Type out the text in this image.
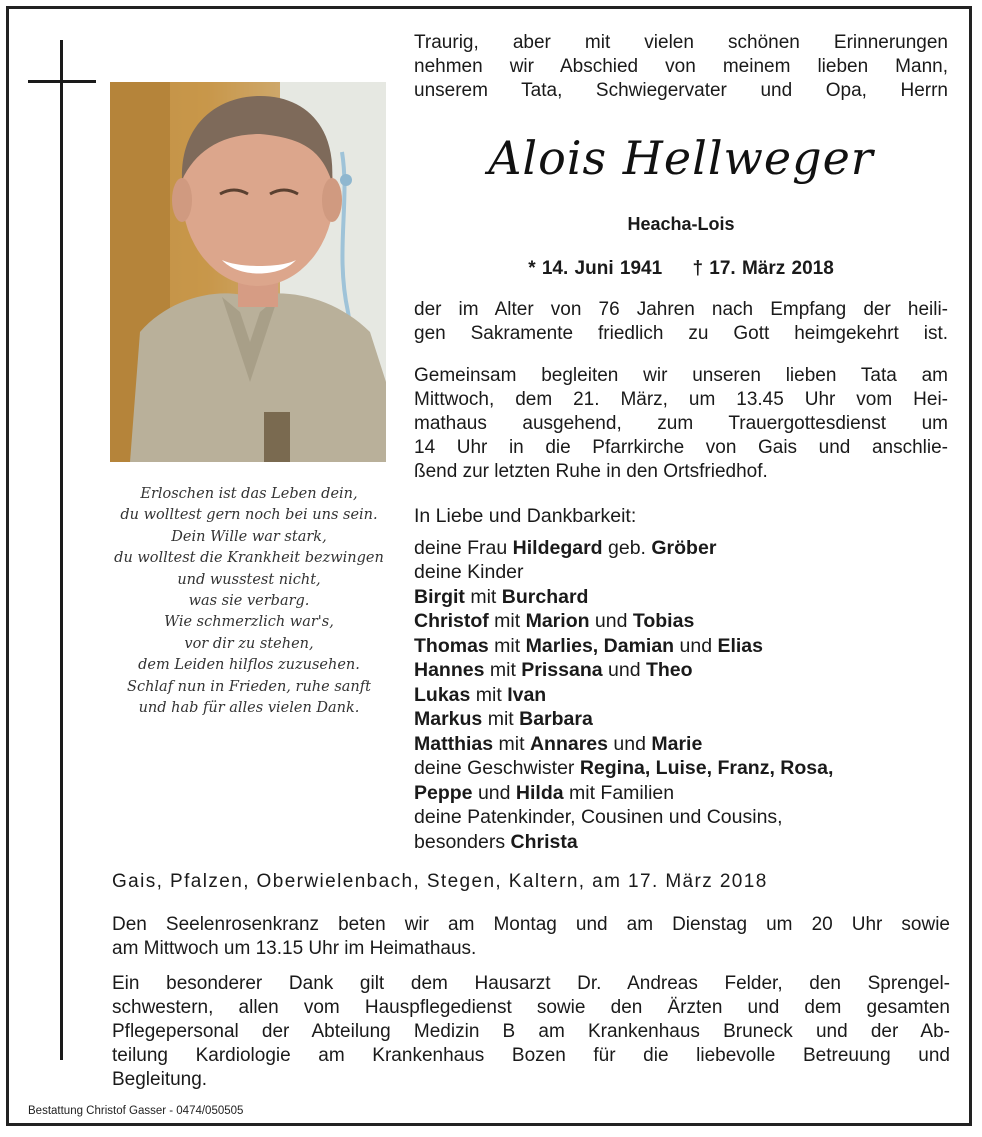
Erloschen ist das Leben dein,
du wolltest gern noch bei uns sein.
Dein Wille war stark,
du wolltest die Krankheit bezwingen
und wusstest nicht,
was sie verbarg.
Wie schmerzlich war's,
vor dir zu stehen,
dem Leiden hilflos zuzusehen.
Schlaf nun in Frieden, ruhe sanft
und hab für alles vielen Dank.
Traurig, aber mit vielen schönen Erinnerungen
nehmen wir Abschied von meinem lieben Mann,
unserem Tata, Schwiegervater und Opa, Herrn
Alois Hellweger
Heacha-Lois
* 14. Juni 1941 † 17. März 2018
der im Alter von 76 Jahren nach Empfang der heili-
gen Sakramente friedlich zu Gott heimgekehrt ist.
Gemeinsam begleiten wir unseren lieben Tata am
Mittwoch, dem 21. März, um 13.45 Uhr vom Hei-
mathaus ausgehend, zum Trauergottesdienst um
14 Uhr in die Pfarrkirche von Gais und anschlie-
ßend zur letzten Ruhe in den Ortsfriedhof.
In Liebe und Dankbarkeit:
deine Frau Hildegard geb. Gröber
deine Kinder
Birgit mit Burchard
Christof mit Marion und Tobias
Thomas mit Marlies, Damian und Elias
Hannes mit Prissana und Theo
Lukas mit Ivan
Markus mit Barbara
Matthias mit Annares und Marie
deine Geschwister Regina, Luise, Franz, Rosa,
Peppe und Hilda mit Familien
deine Patenkinder, Cousinen und Cousins,
besonders Christa
Gais, Pfalzen, Oberwielenbach, Stegen, Kaltern, am 17. März 2018
Den Seelenrosenkranz beten wir am Montag und am Dienstag um 20 Uhr sowie
am Mittwoch um 13.15 Uhr im Heimathaus.
Ein besonderer Dank gilt dem Hausarzt Dr. Andreas Felder, den Sprengel-
schwestern, allen vom Hauspflegedienst sowie den Ärzten und dem gesamten
Pflegepersonal der Abteilung Medizin B am Krankenhaus Bruneck und der Ab-
teilung Kardiologie am Krankenhaus Bozen für die liebevolle Betreuung und
Begleitung.
Bestattung Christof Gasser - 0474/050505
